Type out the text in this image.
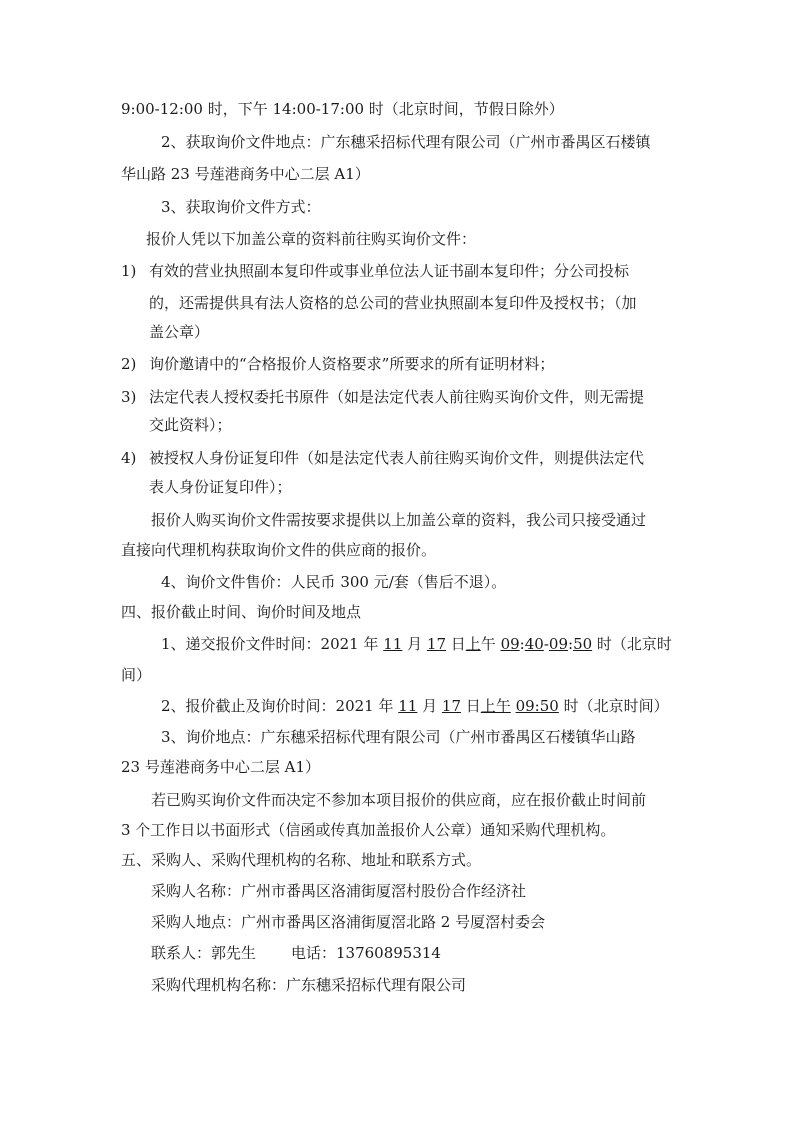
9:00-12:00 时，下午 14:00-17:00 时（北京时间，节假日除外）
2、获取询价文件地点：广东穗采招标代理有限公司（广州市番禺区石楼镇
华山路 23 号莲港商务中心二层 A1）
3、获取询价文件方式：
报价人凭以下加盖公章的资料前往购买询价文件：
1) 有效的营业执照副本复印件或事业单位法人证书副本复印件；分公司投标
的，还需提供具有法人资格的总公司的营业执照副本复印件及授权书；（加
盖公章）
2) 询价邀请中的“合格报价人资格要求”所要求的所有证明材料；
3) 法定代表人授权委托书原件（如是法定代表人前往购买询价文件，则无需提
交此资料）；
4) 被授权人身份证复印件（如是法定代表人前往购买询价文件，则提供法定代
表人身份证复印件）；
报价人购买询价文件需按要求提供以上加盖公章的资料，我公司只接受通过
直接向代理机构获取询价文件的供应商的报价。
4、询价文件售价：人民币 300 元/套（售后不退）。
四、报价截止时间、询价时间及地点
1、递交报价文件时间：2021 年 11 月 17 日上午 09:40-09:50 时（北京时
间）
2、报价截止及询价时间：2021 年 11 月 17 日上午 09:50 时（北京时间）
3、询价地点：广东穗采招标代理有限公司（广州市番禺区石楼镇华山路
23 号莲港商务中心二层 A1）
若已购买询价文件而决定不参加本项目报价的供应商，应在报价截止时间前
3 个工作日以书面形式（信函或传真加盖报价人公章）通知采购代理机构。
五、采购人、采购代理机构的名称、地址和联系方式。
采购人名称：广州市番禺区洛浦街厦滘村股份合作经济社
采购人地点：广州市番禺区洛浦街厦滘北路 2 号厦滘村委会
联系人：郭先生 电话：13760895314
采购代理机构名称：广东穗采招标代理有限公司
